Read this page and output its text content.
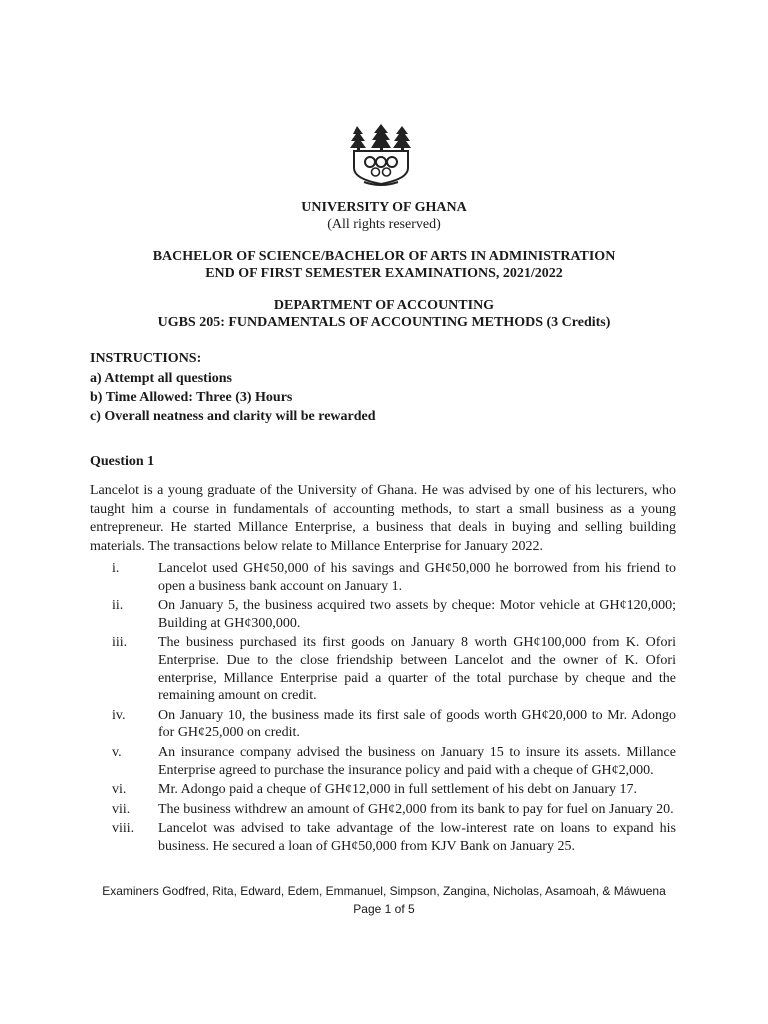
UNIVERSITY OF GHANA
(All rights reserved)
BACHELOR OF SCIENCE/BACHELOR OF ARTS IN ADMINISTRATION
END OF FIRST SEMESTER EXAMINATIONS, 2021/2022
DEPARTMENT OF ACCOUNTING
UGBS 205: FUNDAMENTALS OF ACCOUNTING METHODS (3 Credits)
INSTRUCTIONS:
a) Attempt all questions
b) Time Allowed: Three (3) Hours
c) Overall neatness and clarity will be rewarded
Question 1
Lancelot is a young graduate of the University of Ghana. He was advised by one of his lecturers, who taught him a course in fundamentals of accounting methods, to start a small business as a young entrepreneur. He started Millance Enterprise, a business that deals in buying and selling building materials. The transactions below relate to Millance Enterprise for January 2022.
i.	Lancelot used GH¢50,000 of his savings and GH¢50,000 he borrowed from his friend to open a business bank account on January 1.
ii.	On January 5, the business acquired two assets by cheque: Motor vehicle at GH¢120,000; Building at GH¢300,000.
iii.	The business purchased its first goods on January 8 worth GH¢100,000 from K. Ofori Enterprise. Due to the close friendship between Lancelot and the owner of K. Ofori enterprise, Millance Enterprise paid a quarter of the total purchase by cheque and the remaining amount on credit.
iv.	On January 10, the business made its first sale of goods worth GH¢20,000 to Mr. Adongo for GH¢25,000 on credit.
v.	An insurance company advised the business on January 15 to insure its assets. Millance Enterprise agreed to purchase the insurance policy and paid with a cheque of GH¢2,000.
vi.	Mr. Adongo paid a cheque of GH¢12,000 in full settlement of his debt on January 17.
vii.	The business withdrew an amount of GH¢2,000 from its bank to pay for fuel on January 20.
viii.	Lancelot was advised to take advantage of the low-interest rate on loans to expand his business. He secured a loan of GH¢50,000 from KJV Bank on January 25.
Examiners Godfred, Rita, Edward, Edem, Emmanuel, Simpson, Zangina, Nicholas, Asamoah, & Máwuena
Page 1 of 5
